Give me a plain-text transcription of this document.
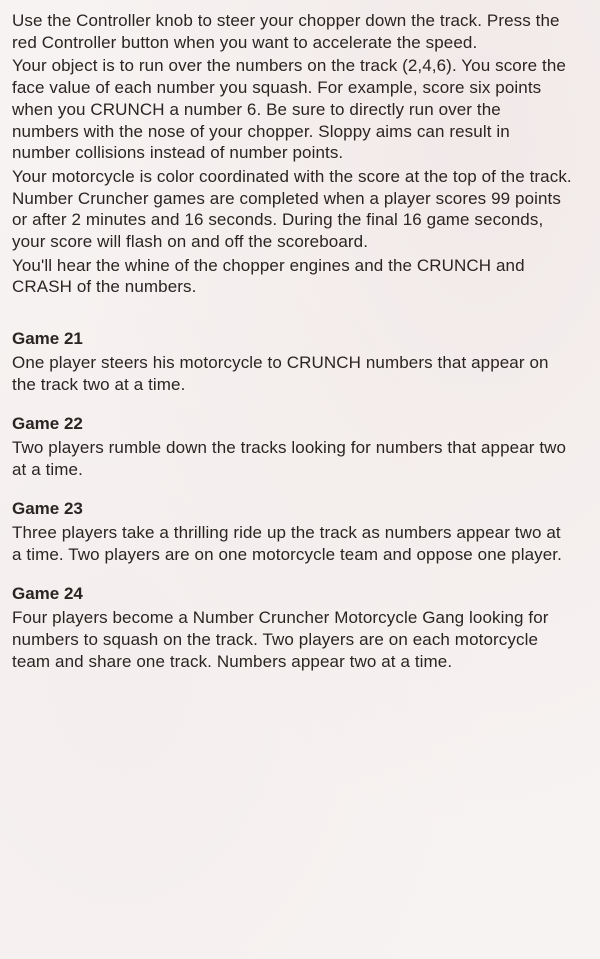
Use the Controller knob to steer your chopper down the track. Press the red Controller button when you want to accelerate the speed.

Your object is to run over the numbers on the track (2,4,6). You score the face value of each number you squash. For example, score six points when you CRUNCH a number 6. Be sure to directly run over the numbers with the nose of your chopper. Sloppy aims can result in number collisions instead of number points.

Your motorcycle is color coordinated with the score at the top of the track. Number Cruncher games are completed when a player scores 99 points or after 2 minutes and 16 seconds. During the final 16 game seconds, your score will flash on and off the scoreboard.

You'll hear the whine of the chopper engines and the CRUNCH and CRASH of the numbers.

Game 21

One player steers his motorcycle to CRUNCH numbers that appear on the track two at a time.

Game 22

Two players rumble down the tracks looking for numbers that appear two at a time.

Game 23

Three players take a thrilling ride up the track as numbers appear two at a time. Two players are on one motorcycle team and oppose one player.

Game 24

Four players become a Number Cruncher Motorcycle Gang looking for numbers to squash on the track. Two players are on each motorcycle team and share one track. Numbers appear two at a time.
